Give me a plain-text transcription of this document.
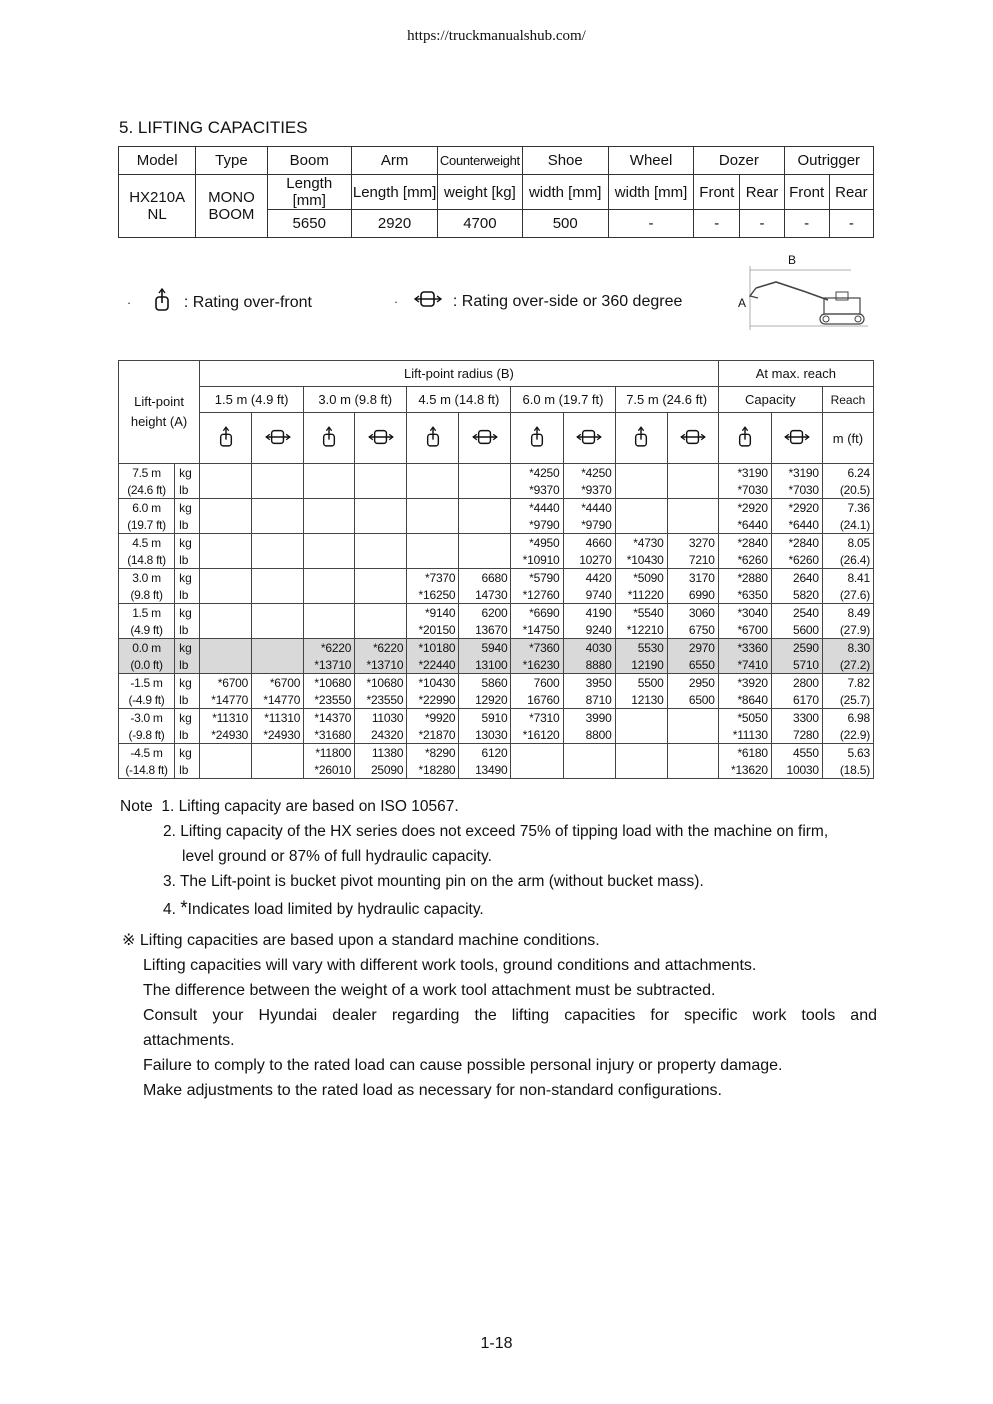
https://truckmanualshub.com/
5. LIFTING CAPACITIES
Model	Type	Boom	Arm	Counterweight	Shoe	Wheel	Dozer		Outrigger	
HX210A NL	MONO BOOM	Length [mm]	Length [mm]	weight [kg]	width [mm]	width [mm]	Front	Rear	Front	Rear
		5650	2920	4700	500	-	-	-	-	-
·	: Rating over-front	·	: Rating over-side or 360 degree
B
A
Lift-point height (A)		Lift-point radius (B)										At max. reach		
		1.5 m (4.9 ft)		3.0 m (9.8 ft)		4.5 m (14.8 ft)		6.0 m (19.7 ft)		7.5 m (24.6 ft)		Capacity		Reach
												m (ft)
7.5 m	kg							*4250	*4250			*3190	*3190	6.24
(24.6 ft)	lb							*9370	*9370			*7030	*7030	(20.5)
6.0 m	kg							*4440	*4440			*2920	*2920	7.36
(19.7 ft)	lb							*9790	*9790			*6440	*6440	(24.1)
4.5 m	kg							*4950	4660	*4730	3270	*2840	*2840	8.05
(14.8 ft)	lb							*10910	10270	*10430	7210	*6260	*6260	(26.4)
3.0 m	kg					*7370	6680	*5790	4420	*5090	3170	*2880	2640	8.41
(9.8 ft)	lb					*16250	14730	*12760	9740	*11220	6990	*6350	5820	(27.6)
1.5 m	kg					*9140	6200	*6690	4190	*5540	3060	*3040	2540	8.49
(4.9 ft)	lb					*20150	13670	*14750	9240	*12210	6750	*6700	5600	(27.9)
0.0 m	kg			*6220	*6220	*10180	5940	*7360	4030	5530	2970	*3360	2590	8.30
(0.0 ft)	lb			*13710	*13710	*22440	13100	*16230	8880	12190	6550	*7410	5710	(27.2)
-1.5 m	kg	*6700	*6700	*10680	*10680	*10430	5860	7600	3950	5500	2950	*3920	2800	7.82
(-4.9 ft)	lb	*14770	*14770	*23550	*23550	*22990	12920	16760	8710	12130	6500	*8640	6170	(25.7)
-3.0 m	kg	*11310	*11310	*14370	11030	*9920	5910	*7310	3990			*5050	3300	6.98
(-9.8 ft)	lb	*24930	*24930	*31680	24320	*21870	13030	*16120	8800			*11130	7280	(22.9)
-4.5 m	kg			*11800	11380	*8290	6120					*6180	4550	5.63
(-14.8 ft)	lb			*26010	25090	*18280	13490					*13620	10030	(18.5)
Note 1. Lifting capacity are based on ISO 10567.
2. Lifting capacity of the HX series does not exceed 75% of tipping load with the machine on firm,
level ground or 87% of full hydraulic capacity.
3. The Lift-point is bucket pivot mounting pin on the arm (without bucket mass).
4. *Indicates load limited by hydraulic capacity.
※ Lifting capacities are based upon a standard machine conditions.
Lifting capacities will vary with different work tools, ground conditions and attachments.
The difference between the weight of a work tool attachment must be subtracted.
Consult your Hyundai dealer regarding the lifting capacities for specific work tools and
attachments.
Failure to comply to the rated load can cause possible personal injury or property damage.
Make adjustments to the rated load as necessary for non-standard configurations.
1-18
